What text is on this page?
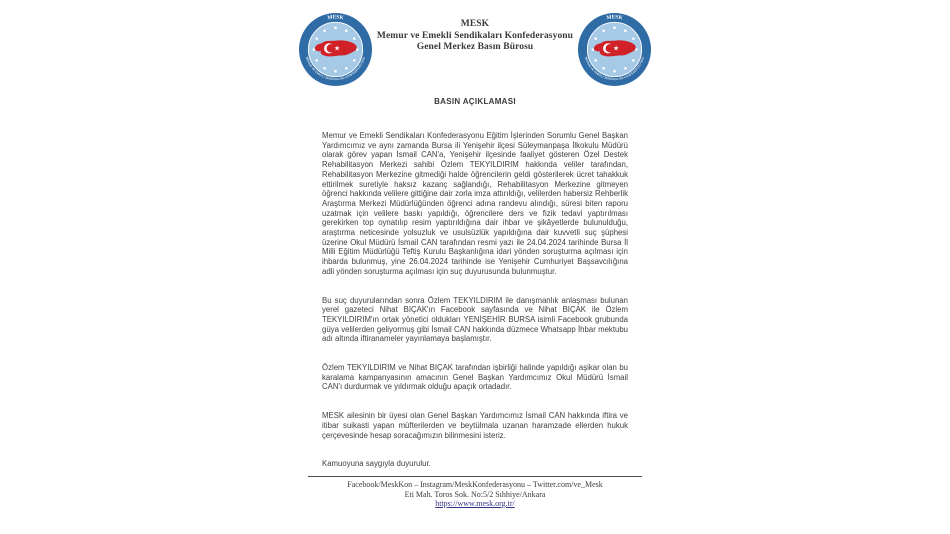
MESK
MEMUR VE EMEKLİ SENDİKALARI KONFEDERASYONU
MESK
Memur ve Emekli Sendikaları Konfederasyonu
Genel Merkez Basın Bürosu
MESK
MEMUR VE EMEKLİ SENDİKALARI KONFEDERASYONU
BASIN AÇIKLAMASI

Memur ve Emekli Sendikaları Konfederasyonu Eğitim İşlerinden Sorumlu Genel Başkan Yardımcımız ve aynı zamanda Bursa ili Yenişehir ilçesi Süleymanpaşa İlkokulu Müdürü olarak görev yapan İsmail CAN'a, Yenişehir ilçesinde faaliyet gösteren Özel Destek Rehabilitasyon Merkezi sahibi Özlem TEKYILDIRIM hakkında veliler tarafından, Rehabilitasyon Merkezine gitmediği halde öğrencilerin geldi gösterilerek ücret tahakkuk ettirilmek suretiyle haksız kazanç sağlandığı, Rehabilitasyon Merkezine gitmeyen öğrenci hakkında velilere gittiğine dair zorla imza attırıldığı, velilerden habersiz Rehberlik Araştırma Merkezi Müdürlüğünden öğrenci adına randevu alındığı, süresi biten raporu uzatmak için velilere baskı yapıldığı, öğrencilere ders ve fizik tedavi yaptırılması gerekirken top oynatılıp resim yaptırıldığına dair ihbar ve şikâyetlerde bulunulduğu, araştırma neticesinde yolsuzluk ve usulsüzlük yapıldığına dair kuvvetli suç şüphesi üzerine Okul Müdürü İsmail CAN tarafından resmi yazı ile 24.04.2024 tarihinde Bursa İl Milli Eğitim Müdürlüğü Teftiş Kurulu Başkanlığına idari yönden soruşturma açılması için ihbarda bulunmuş, yine 26.04.2024 tarihinde ise Yenişehir Cumhuriyet Başsavcılığına adli yönden soruşturma açılması için suç duyurusunda bulunmuştur.

Bu suç duyurularından sonra Özlem TEKYILDIRIM ile danışmanlık anlaşması bulunan yerel gazeteci Nihat BIÇAK'ın Facebook sayfasında ve Nihat BIÇAK ile Özlem TEKYILDIRIM'ın ortak yönetici oldukları YENİŞEHİR BURSA isimli Facebook grubunda güya velilerden geliyormuş gibi İsmail CAN hakkında düzmece Whatsapp İhbar mektubu adı altında iftiranameler yayınlamaya başlamıştır.

Özlem TEKYILDIRIM ve Nihat BIÇAK tarafından işbirliği halinde yapıldığı aşikar olan bu karalama kampanyasının amacının Genel Başkan Yardımcımız Okul Müdürü İsmail CAN'ı durdurmak ve yıldırmak olduğu apaçık ortadadır.

MESK ailesinin bir üyesi olan Genel Başkan Yardımcımız İsmail CAN hakkında iftira ve itibar suikasti yapan müfterilerden ve beytülmala uzanan haramzade ellerden hukuk çerçevesinde hesap soracağımızın bilinmesini isteriz.

Kamuoyuna saygıyla duyurulur.

Facebook/MeskKon – Instagram/MeskKonfederasyonu – Twitter.com/ve_Mesk
Eti Mah. Toros Sok. No:5/2 Sıhhiye/Ankara
https://www.mesk.org.tr/
